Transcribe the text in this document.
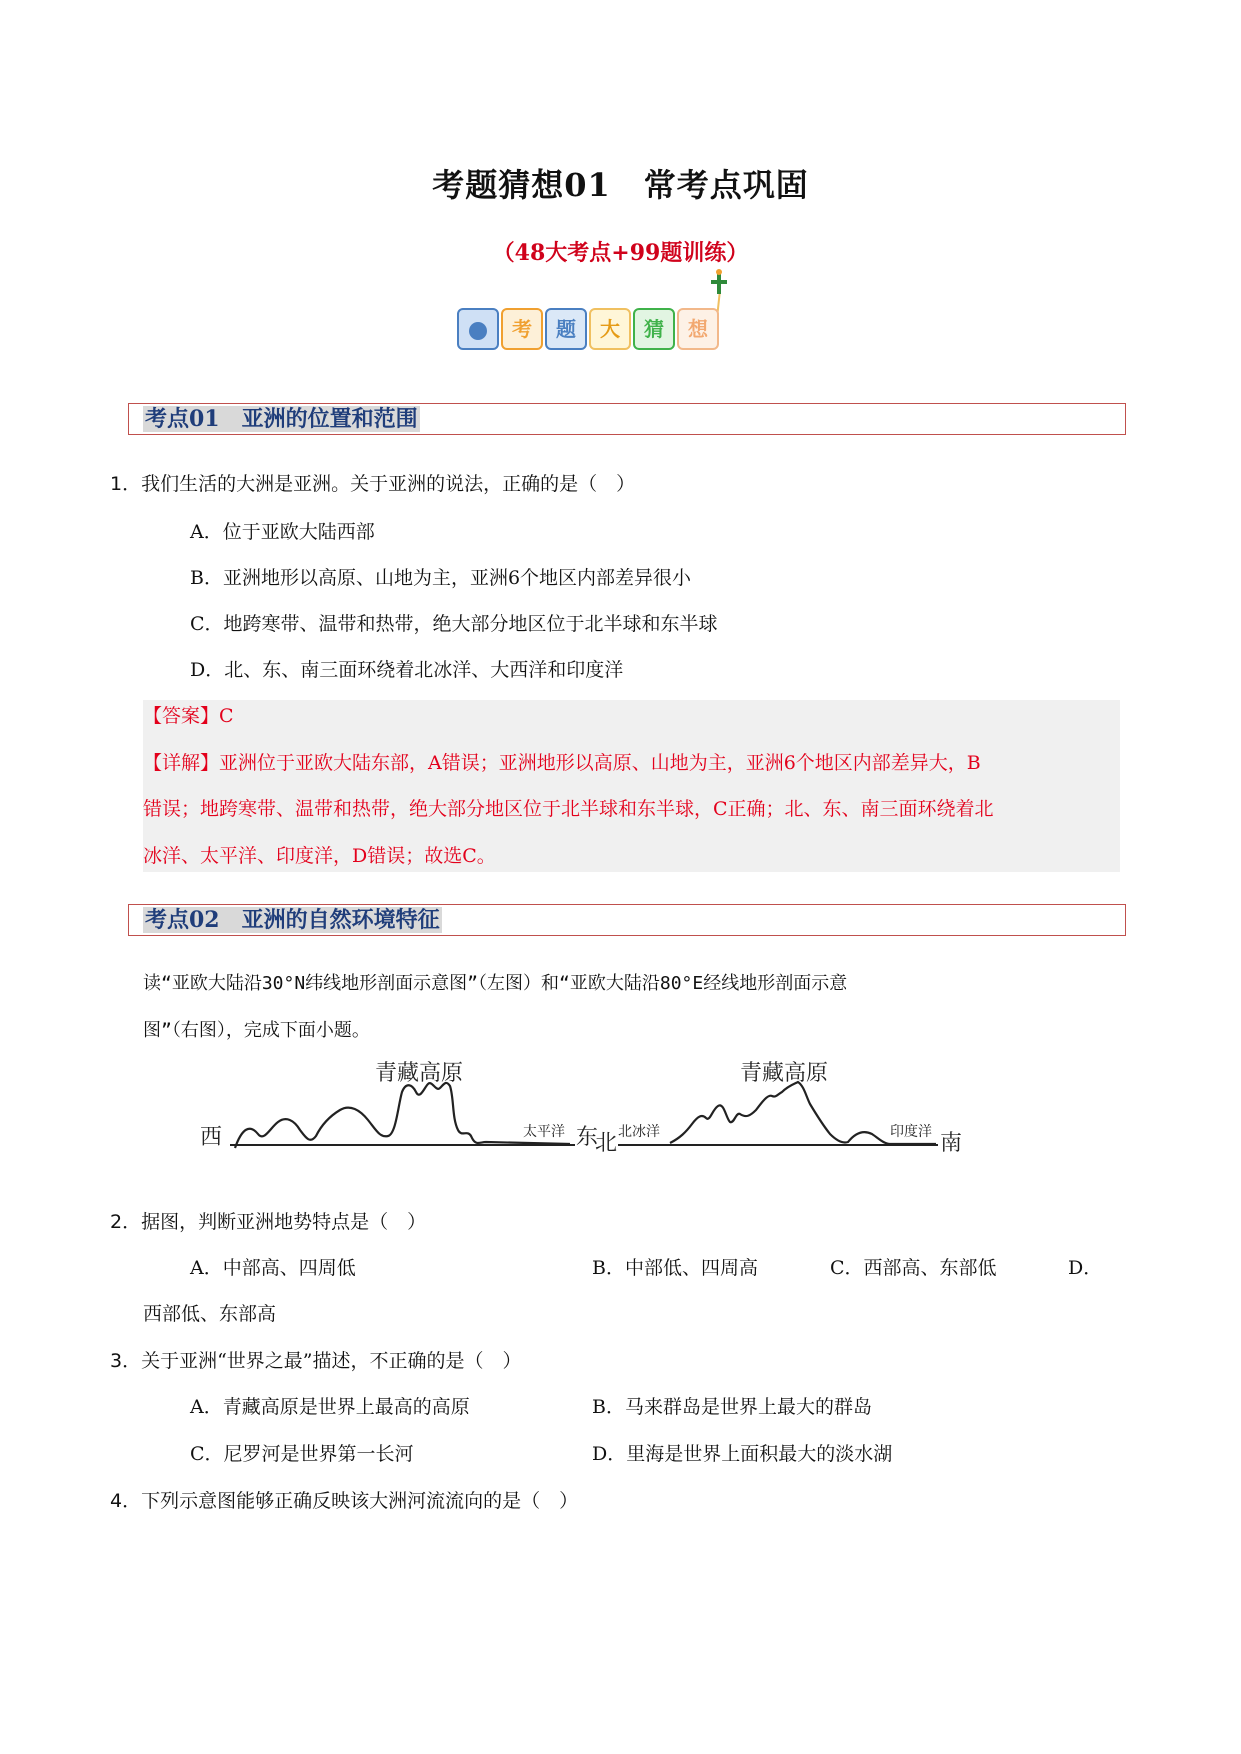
考题猜想01　常考点巩固
（48大考点+99题训练）
考	题	大	猜	想
考点01　亚洲的位置和范围
1．我们生活的大洲是亚洲。关于亚洲的说法，正确的是（　）
A．位于亚欧大陆西部
B．亚洲地形以高原、山地为主，亚洲6个地区内部差异很小
C．地跨寒带、温带和热带，绝大部分地区位于北半球和东半球
D．北、东、南三面环绕着北冰洋、大西洋和印度洋
【答案】C
【详解】亚洲位于亚欧大陆东部，A错误；亚洲地形以高原、山地为主，亚洲6个地区内部差异大，B
错误；地跨寒带、温带和热带，绝大部分地区位于北半球和东半球，C正确；北、东、南三面环绕着北
冰洋、太平洋、印度洋，D错误；故选C。
考点02　亚洲的自然环境特征
读“亚欧大陆沿30°N纬线地形剖面示意图”（左图）和“亚欧大陆沿80°E经线地形剖面示意
图”（右图），完成下面小题。
青藏高原
西	东
太平洋
青藏高原
北	南
北冰洋	印度洋
2．据图，判断亚洲地势特点是（　）
A．中部高、四周低	B．中部低、四周高	C．西部高、东部低	D．
西部低、东部高
3．关于亚洲“世界之最”描述，不正确的是（　）
A．青藏高原是世界上最高的高原	B．马来群岛是世界上最大的群岛
C．尼罗河是世界第一长河	D．里海是世界上面积最大的淡水湖
4．下列示意图能够正确反映该大洲河流流向的是（　）
